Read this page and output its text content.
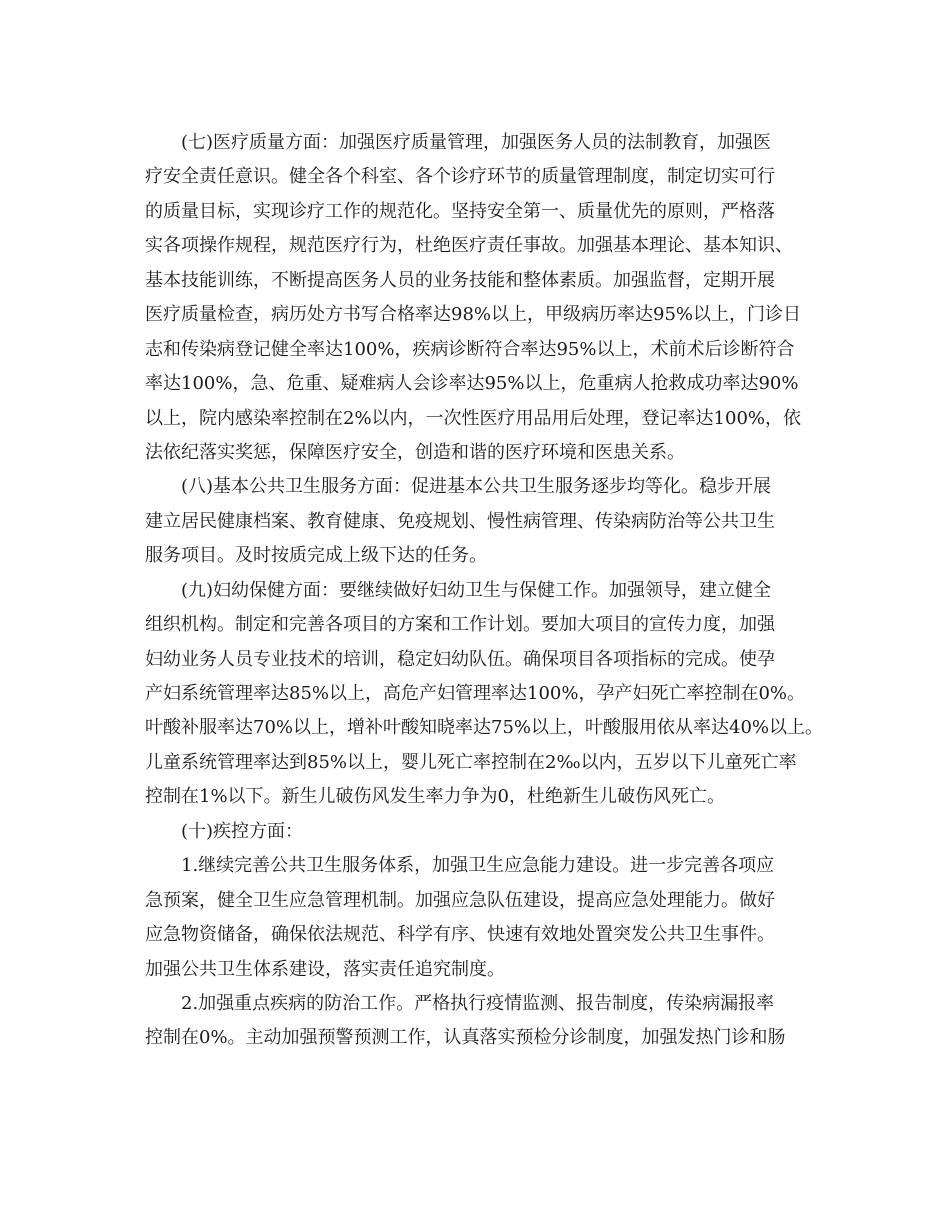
(七)医疗质量方面：加强医疗质量管理，加强医务人员的法制教育，加强医
疗安全责任意识。健全各个科室、各个诊疗环节的质量管理制度，制定切实可行
的质量目标，实现诊疗工作的规范化。坚持安全第一、质量优先的原则，严格落
实各项操作规程，规范医疗行为，杜绝医疗责任事故。加强基本理论、基本知识、
基本技能训练，不断提高医务人员的业务技能和整体素质。加强监督，定期开展
医疗质量检查，病历处方书写合格率达98%以上，甲级病历率达95%以上，门诊日
志和传染病登记健全率达100%，疾病诊断符合率达95%以上，术前术后诊断符合
率达100%，急、危重、疑难病人会诊率达95%以上，危重病人抢救成功率达90%
以上，院内感染率控制在2%以内，一次性医疗用品用后处理，登记率达100%，依
法依纪落实奖惩，保障医疗安全，创造和谐的医疗环境和医患关系。
(八)基本公共卫生服务方面：促进基本公共卫生服务逐步均等化。稳步开展
建立居民健康档案、教育健康、免疫规划、慢性病管理、传染病防治等公共卫生
服务项目。及时按质完成上级下达的任务。
(九)妇幼保健方面：要继续做好妇幼卫生与保健工作。加强领导，建立健全
组织机构。制定和完善各项目的方案和工作计划。要加大项目的宣传力度，加强
妇幼业务人员专业技术的培训，稳定妇幼队伍。确保项目各项指标的完成。使孕
产妇系统管理率达85%以上，高危产妇管理率达100%，孕产妇死亡率控制在0%。
叶酸补服率达70%以上，增补叶酸知晓率达75%以上，叶酸服用依从率达40%以上。
儿童系统管理率达到85%以上，婴儿死亡率控制在2‰以内，五岁以下儿童死亡率
控制在1%以下。新生儿破伤风发生率力争为0，杜绝新生儿破伤风死亡。
(十)疾控方面：
1.继续完善公共卫生服务体系，加强卫生应急能力建设。进一步完善各项应
急预案，健全卫生应急管理机制。加强应急队伍建设，提高应急处理能力。做好
应急物资储备，确保依法规范、科学有序、快速有效地处置突发公共卫生事件。
加强公共卫生体系建设，落实责任追究制度。
2.加强重点疾病的防治工作。严格执行疫情监测、报告制度，传染病漏报率
控制在0%。主动加强预警预测工作，认真落实预检分诊制度，加强发热门诊和肠
